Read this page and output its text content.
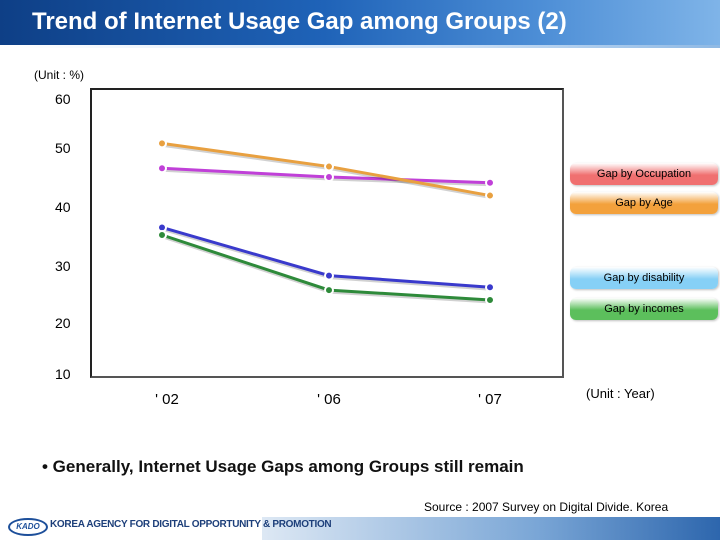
Trend of Internet Usage Gap among Groups (2)
(Unit : %)
60
50
40
30
20
10
' 02	' 06	' 07	(Unit : Year)
Gap by Occupation
Gap by Age
Gap by disability
Gap by incomes
• Generally, Internet Usage Gaps among Groups still remain
Source : 2007 Survey on Digital Divide. Korea
KADO	KOREA AGENCY FOR DIGITAL OPPORTUNITY & PROMOTION
